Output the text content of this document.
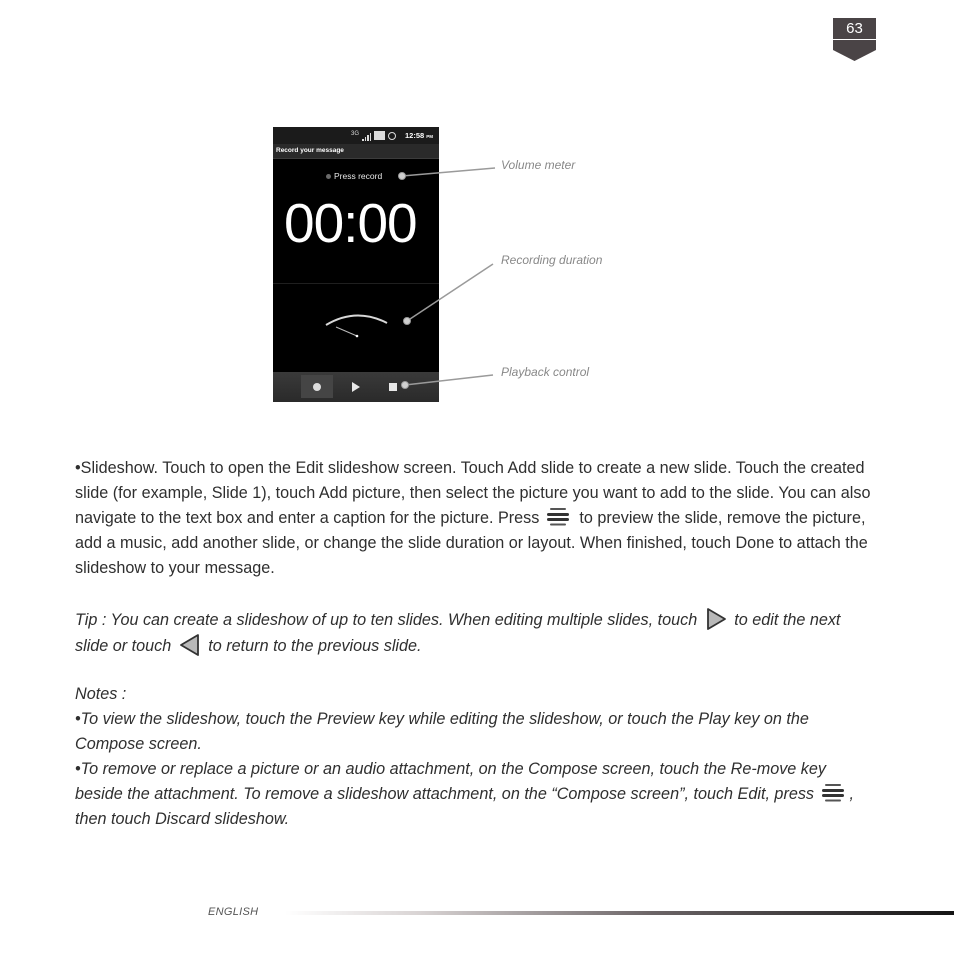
63
3G	12:58 PM
Record your message
Press record
00:00
Volume meter
Recording duration
Playback control

•Slideshow. Touch to open the Edit slideshow screen. Touch Add slide to create a new slide. Touch the created slide (for example, Slide 1), touch Add picture, then select the picture you want to add to the slide. You can also navigate to the text box and enter a caption for the picture. Press to preview the slide, remove the picture, add a music, add another slide, or change the slide duration or layout. When finished, touch Done to attach the slideshow to your message.

Tip : You can create a slideshow of up to ten slides. When editing multiple slides, touch to edit the next slide or touch to return to the previous slide.

Notes :

•To view the slideshow, touch the Preview key while editing the slideshow, or touch the Play key on the Compose screen.

•To remove or replace a picture or an audio attachment, on the Compose screen, touch the Re-move key beside the attachment. To remove a slideshow attachment, on the “Compose screen”, touch Edit, press , then touch Discard slideshow.

ENGLISH
